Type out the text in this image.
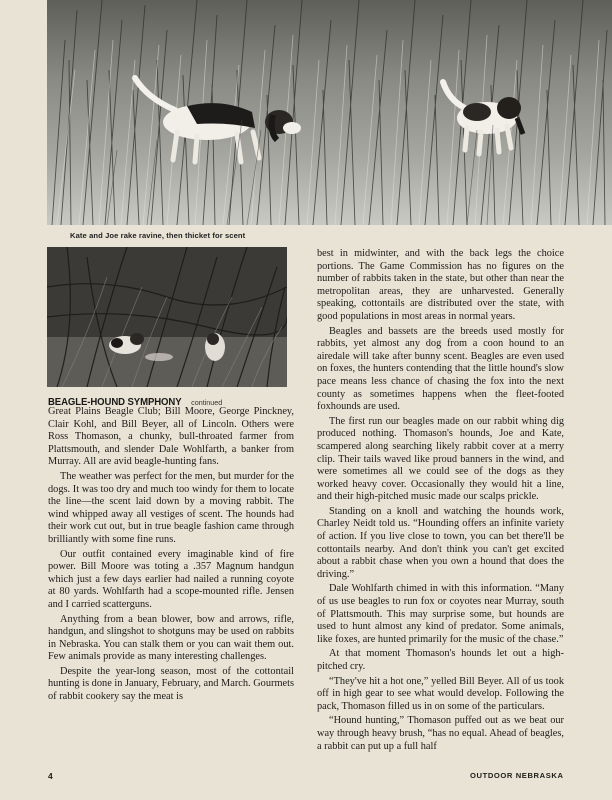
Kate and Joe rake ravine, then thicket for scent
BEAGLE-HOUND SYMPHONY continued

Great Plains Beagle Club; Bill Moore, George Pinckney, Clair Kohl, and Bill Beyer, all of Lincoln. Others were Ross Thomason, a chunky, bull-throated farmer from Plattsmouth, and slender Dale Wohlfarth, a banker from Murray. All are avid beagle-hunting fans.

The weather was perfect for the men, but murder for the dogs. It was too dry and much too windy for them to locate the line—the scent laid down by a moving rabbit. The wind whipped away all vestiges of scent. The hounds had their work cut out, but in true beagle fashion came through brilliantly with some fine runs.

Our outfit contained every imaginable kind of fire power. Bill Moore was toting a .357 Magnum handgun which just a few days earlier had nailed a running coyote at 80 yards. Wohlfarth had a scope-mounted rifle. Jensen and I carried scatterguns.

Anything from a bean blower, bow and arrows, rifle, handgun, and slingshot to shotguns may be used on rabbits in Nebraska. You can stalk them or you can wait them out. Few animals provide as many interesting challenges.

Despite the year-long season, most of the cottontail hunting is done in January, February, and March. Gourmets of rabbit cookery say the meat is

best in midwinter, and with the back legs the choice portions. The Game Commission has no figures on the number of rabbits taken in the state, but other than near the metropolitan areas, they are unharvested. Generally speaking, cottontails are distributed over the state, with good populations in most areas in normal years.

Beagles and bassets are the breeds used mostly for rabbits, yet almost any dog from a coon hound to an airedale will take after bunny scent. Beagles are even used on foxes, the hunters contending that the little hound's slow pace means less chance of chasing the fox into the next county as sometimes happens when the fleet-footed foxhounds are used.

The first run our beagles made on our rabbit whing dig produced nothing. Thomason's hounds, Joe and Kate, scampered along searching likely rabbit cover at a merry clip. Their tails waved like proud banners in the wind, and were sometimes all we could see of the dogs as they worked heavy cover. Occasionally they would hit a line, and their high-pitched music made our scalps prickle.

Standing on a knoll and watching the hounds work, Charley Neidt told us. “Hounding offers an infinite variety of action. If you live close to town, you can bet there'll be cottontails nearby. And don't think you can't get excited about a rabbit chase when you own a hound that does the driving.”

Dale Wohlfarth chimed in with this information. “Many of us use beagles to run fox or coyotes near Murray, south of Plattsmouth. This may surprise some, but hounds are used to hunt almost any kind of predator. Some animals, like foxes, are hunted primarily for the music of the chase.”

At that moment Thomason's hounds let out a high-pitched cry.

“They've hit a hot one,” yelled Bill Beyer. All of us took off in high gear to see what would develop. Following the pack, Thomason filled us in on some of the particulars.

“Hound hunting,” Thomason puffed out as we beat our way through heavy brush, “has no equal. Ahead of beagles, a rabbit can put up a full half

4	OUTDOOR NEBRASKA
